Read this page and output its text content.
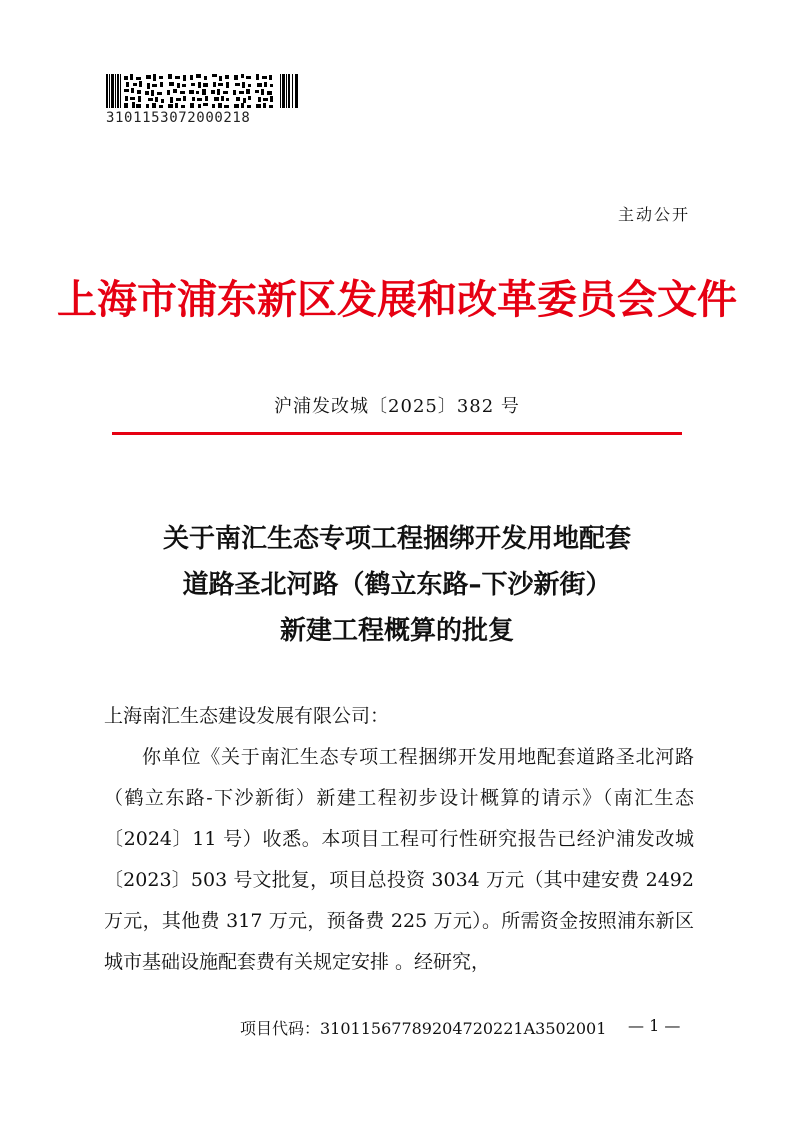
3101153072000218
主动公开
上海市浦东新区发展和改革委员会文件
沪浦发改城〔2025〕382 号
关于南汇生态专项工程捆绑开发用地配套
道路圣北河路（鹤立东路–下沙新街）
新建工程概算的批复
上海南汇生态建设发展有限公司：
你单位《关于南汇生态专项工程捆绑开发用地配套道路圣北河路（鹤立东路-下沙新街）新建工程初步设计概算的请示》（南汇生态〔2024〕11 号）收悉。本项目工程可行性研究报告已经沪浦发改城〔2023〕503 号文批复，项目总投资 3034 万元（其中建安费 2492 万元，其他费 317 万元，预备费 225 万元）。所需资金按照浦东新区城市基础设施配套费有关规定安排 。经研究，
项目代码：31011567789204720221A3502001 — 1 —
